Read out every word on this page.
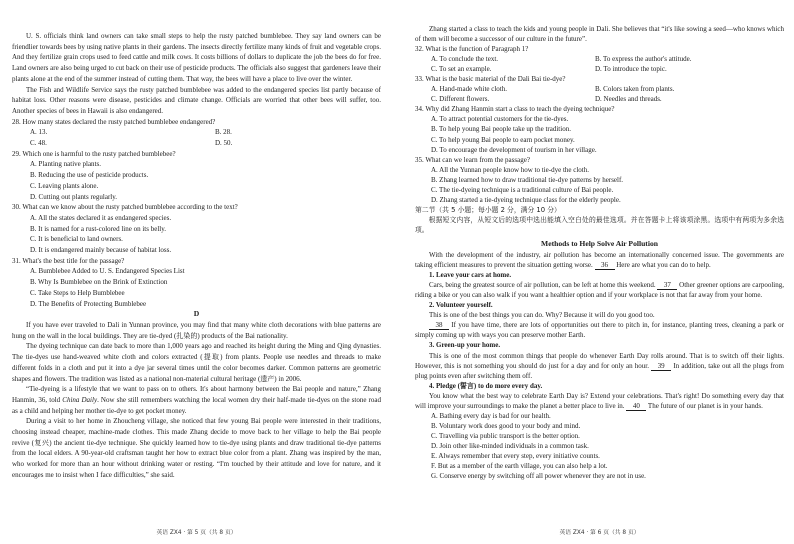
U. S. officials think land owners can take small steps to help the rusty patched bumblebee. They say land owners can be friendlier towards bees by using native plants in their gardens. The insects directly fertilize many kinds of fruit and vegetable crops. And they fertilize grain crops used to feed cattle and milk cows. It costs billions of dollars to duplicate the job the bees do for free. Land owners are also being urged to cut back on their use of pesticide products. The officials also suggest that gardeners leave their plants alone at the end of the summer instead of cutting them. That way, the bees will have a place to live over the winter.

The Fish and Wildlife Service says the rusty patched bumblebee was added to the endangered species list partly because of habitat loss. Other reasons were disease, pesticides and climate change. Officials are worried that other bees will suffer, too. Another species of bees in Hawaii is also endangered.

28. How many states declared the rusty patched bumblebee endangered?

A. 13.	B. 28.
C. 48.	D. 50.

29. Which one is harmful to the rusty patched bumblebee?

A. Planting native plants.

B. Reducing the use of pesticide products.

C. Leaving plants alone.

D. Cutting out plants regularly.

30. What can we know about the rusty patched bumblebee according to the text?

A. All the states declared it as endangered species.

B. It is named for a rust-colored line on its belly.

C. It is beneficial to land owners.

D. It is endangered mainly because of habitat loss.

31. What's the best title for the passage?

A. Bumblebee Added to U. S. Endangered Species List

B. Why Is Bumblebee on the Brink of Extinction

C. Take Steps to Help Bumblebee

D. The Benefits of Protecting Bumblebee

D

If you have ever traveled to Dali in Yunnan province, you may find that many white cloth decorations with blue patterns are hung on the wall in the local buildings. They are tie-dyed (扎染的) products of the Bai nationality.

The dyeing technique can date back to more than 1,000 years ago and reached its height during the Ming and Qing dynasties. The tie-dyes use hand-weaved white cloth and colors extracted (提取) from plants. People use needles and threads to make different folds in a cloth and put it into a dye jar several times until the color becomes darker. Common patterns are geometric shapes and flowers. The tradition was listed as a national non-material cultural heritage (遗产) in 2006.

“Tie-dyeing is a lifestyle that we want to pass on to others. It's about harmony between the Bai people and nature,” Zhang Hanmin, 36, told China Daily. Now she still remembers watching the local women dry their half-made tie-dyes on the stone road as a child and helping her mother tie-dye to get pocket money.

During a visit to her home in Zhoucheng village, she noticed that few young Bai people were interested in their traditions, choosing instead cheaper, machine-made clothes. This made Zhang decide to move back to her village to help the Bai people revive (复兴) the ancient tie-dye technique. She quickly learned how to tie-dye using plants and draw traditional tie-dye patterns from the local elders. A 90-year-old craftsman taught her how to extract blue color from a plant. Zhang was inspired by the man, who worked for more than an hour without drinking water or resting. “I'm touched by their attitude and love for nature, and it encourages me to insist when I face difficulties,” she said.

英语 ZX4 · 第 5 页（共 8 页）

Zhang started a class to teach the kids and young people in Dali. She believes that “it's like sowing a seed—who knows which of them will become a successor of our culture in the future”.

32. What is the function of Paragraph 1?

A. To conclude the text.	B. To express the author's attitude.
C. To set an example.	D. To introduce the topic.

33. What is the basic material of the Dali Bai tie-dye?

A. Hand-made white cloth.	B. Colors taken from plants.
C. Different flowers.	D. Needles and threads.

34. Why did Zhang Hanmin start a class to teach the dyeing technique?

A. To attract potential customers for the tie-dyes.

B. To help young Bai people take up the tradition.

C. To help young Bai people to earn pocket money.

D. To encourage the development of tourism in her village.

35. What can we learn from the passage?

A. All the Yunnan people know how to tie-dye the cloth.

B. Zhang learned how to draw traditional tie-dye patterns by herself.

C. The tie-dyeing technique is a traditional culture of Bai people.

D. Zhang started a tie-dyeing technique class for the elderly people.

第二节（共 5 小题；每小题 2 分，满分 10 分）

根据短文内容，从短文后的选项中选出能填入空白处的最佳选项。并在答题卡上将该项涂黑。选项中有两项为多余选项。

Methods to Help Solve Air Pollution

With the development of the industry, air pollution has become an internationally concerned issue. The governments are taking efficient measures to prevent the situation getting worse. 36 Here are what you can do to help.

1. Leave your cars at home.

Cars, being the greatest source of air pollution, can be left at home this weekend. 37 Other greener options are carpooling, riding a bike or you can also walk if you want a healthier option and if your workplace is not that far away from your home.

2. Volunteer yourself.

This is one of the best things you can do. Why? Because it will do you good too.

38 If you have time, there are lots of opportunities out there to pitch in, for instance, planting trees, cleaning a park or simply coming up with ways you can preserve mother Earth.

3. Green-up your home.

This is one of the most common things that people do whenever Earth Day rolls around. That is to switch off their lights. However, this is not something you should do just for a day and for only an hour. 39 In addition, take out all the plugs from plug points even after switching them off.

4. Pledge (誓言) to do more every day.

You know what the best way to celebrate Earth Day is? Extend your celebrations. That's right! Do something every day that will improve your surroundings to make the planet a better place to live in. 40 The future of our planet is in your hands.

A. Bathing every day is bad for our health.

B. Voluntary work does good to your body and mind.

C. Travelling via public transport is the better option.

D. Join other like-minded individuals in a common task.

E. Always remember that every step, every initiative counts.

F. But as a member of the earth village, you can also help a lot.

G. Conserve energy by switching off all power whenever they are not in use.

英语 ZX4 · 第 6 页（共 8 页）
